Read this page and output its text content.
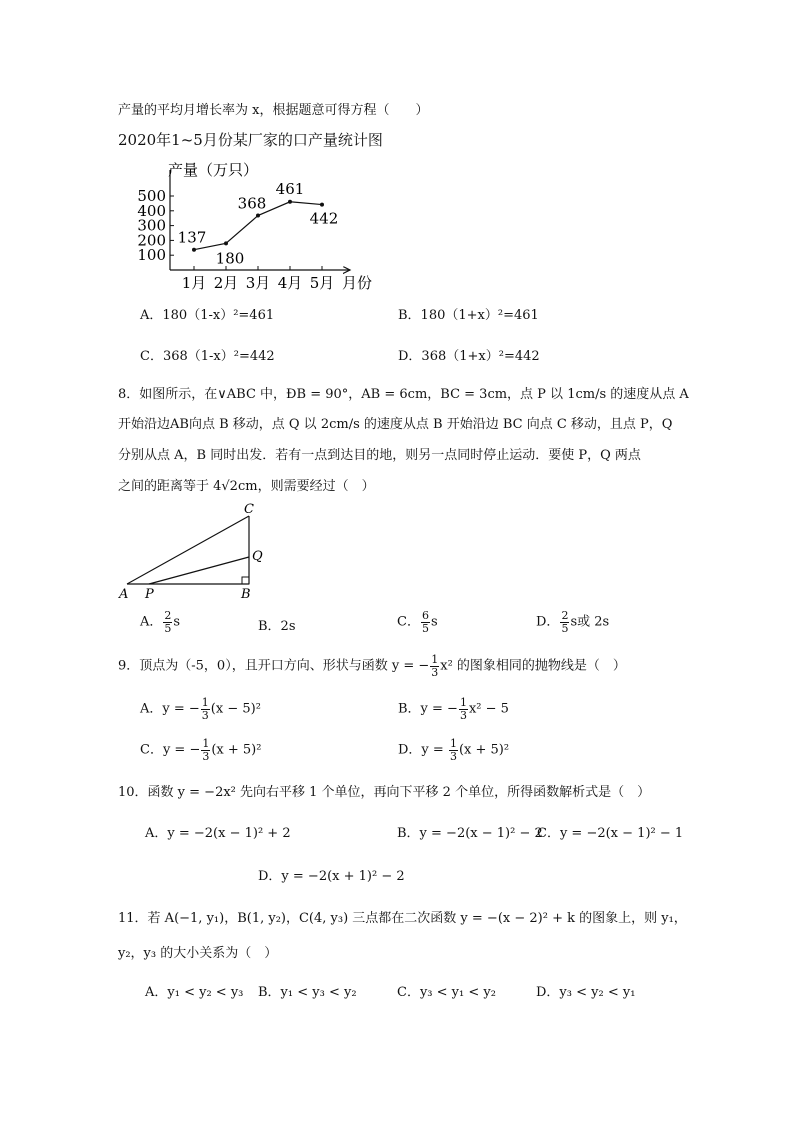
产量的平均月增长率为 x，根据题意可得方程（　　）
2020年1~5月份某厂家的口产量统计图
100
200
300
400
500
1月 2月 3月 4月 5月
137
180
368
461
442
产量（万只）
月份
A．180（1-x）²=461	B．180（1+x）²=461
C．368（1-x）²=442	D．368（1+x）²=442
8．如图所示，在∨ABC 中，ÐB = 90°，AB = 6cm，BC = 3cm，点 P 以 1cm/s 的速度从点 A
开始沿边AB向点 B 移动，点 Q 以 2cm/s 的速度从点 B 开始沿边 BC 向点 C 移动，且点 P，Q
分别从点 A，B 同时出发．若有一点到达目的地，则另一点同时停止运动．要使 P，Q 两点
之间的距离等于 4√2cm，则需要经过（　）
A P	B
C
Q
A． $\frac{2}{5}$ s	B．2s	C． $\frac{6}{5}$ s	D． $\frac{2}{5}$ s或 2s
9．顶点为（-5，0），且开口方向、形状与函数 y = − $\frac{1}{3} x^2$ 的图象相同的抛物线是（　）
A．y = − $\frac{1}{3} (x - 5)^2$	B．y = − $\frac{1}{3} x^2 - 5$
C．y = − $\frac{1}{3} (x + 5)^2$	D．$y = \frac{1}{3} (x + 5)^2$
10．函数 y = −2x² 先向右平移 1 个单位，再向下平移 2 个单位，所得函数解析式是（　）
A．y = −2(x − 1)² + 2	B．y = −2(x − 1)² − 2
C．y = −2(x − 1)² − 1
D．y = −2(x + 1)² − 2
11．若 A(−1, y₁)，B(1, y₂)，C(4, y₃) 三点都在二次函数 y = −(x − 2)² + k 的图象上，则 y₁，
y₂，y₃ 的大小关系为（　）
A．y₁ < y₂ < y₃ B．y₁ < y₃ < y₂	C．y₃ < y₁ < y₂	D．y₃ < y₂ < y₁
